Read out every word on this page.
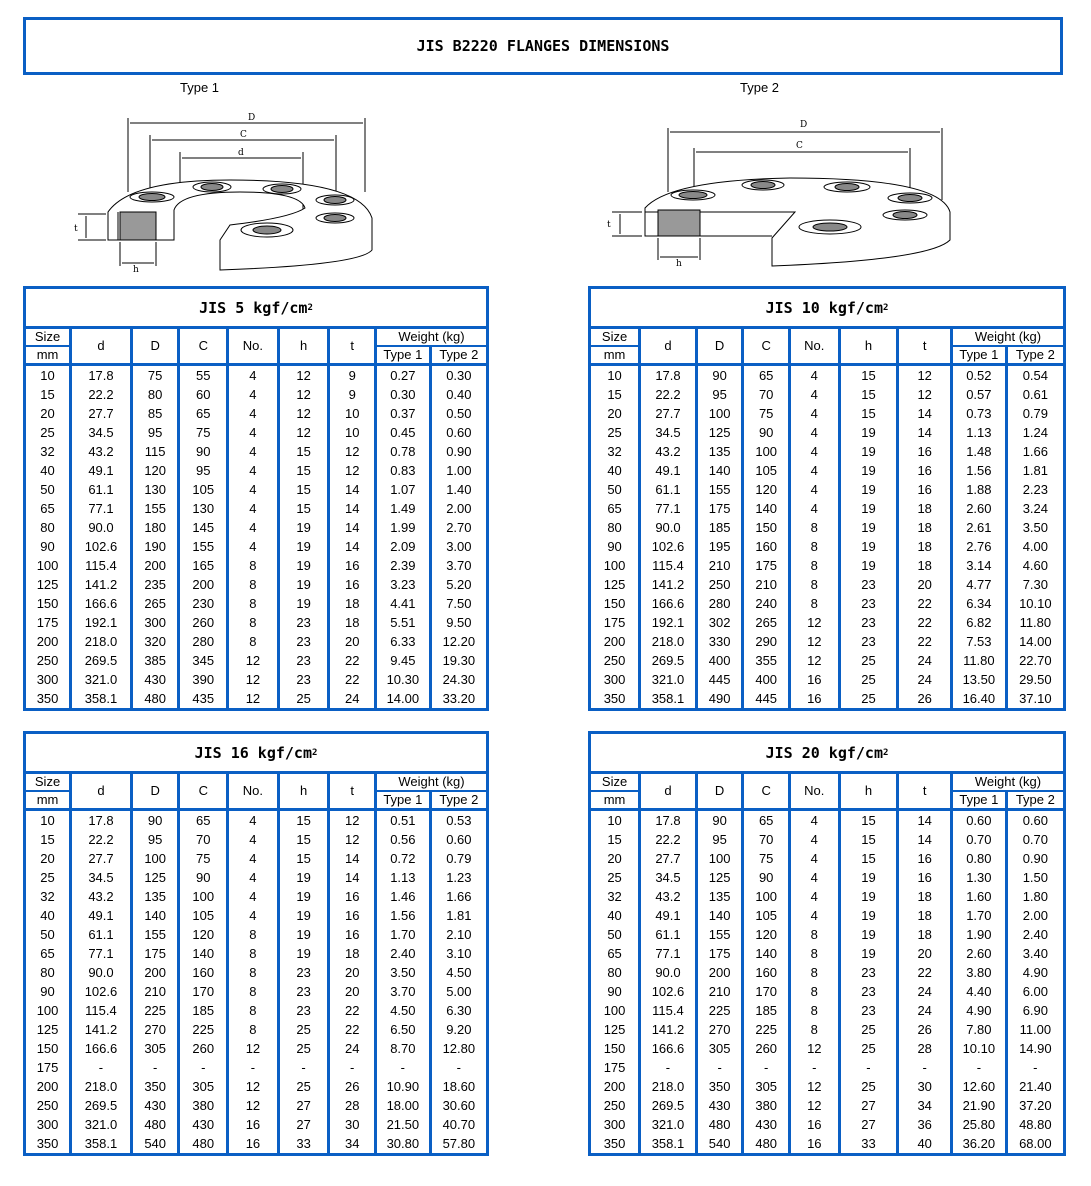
JIS B2220 FLANGES DIMENSIONS
Type 1	Type 2
D
C
d
t
h
D
C
t
h
JIS 5 kgf/cm 2
Size	d	D	C	No.	h	t	Weight (kg)	
mm							Type 1	Type 2
10	17.8	75	55	4	12	9	0.27	0.30
15	22.2	80	60	4	12	9	0.30	0.40
20	27.7	85	65	4	12	10	0.37	0.50
25	34.5	95	75	4	12	10	0.45	0.60
32	43.2	115	90	4	15	12	0.78	0.90
40	49.1	120	95	4	15	12	0.83	1.00
50	61.1	130	105	4	15	14	1.07	1.40
65	77.1	155	130	4	15	14	1.49	2.00
80	90.0	180	145	4	19	14	1.99	2.70
90	102.6	190	155	4	19	14	2.09	3.00
100	115.4	200	165	8	19	16	2.39	3.70
125	141.2	235	200	8	19	16	3.23	5.20
150	166.6	265	230	8	19	18	4.41	7.50
175	192.1	300	260	8	23	18	5.51	9.50
200	218.0	320	280	8	23	20	6.33	12.20
250	269.5	385	345	12	23	22	9.45	19.30
300	321.0	430	390	12	23	22	10.30	24.30
350	358.1	480	435	12	25	24	14.00	33.20
JIS 10 kgf/cm 2
Size	d	D	C	No.	h	t	Weight (kg)	
mm							Type 1	Type 2
10	17.8	90	65	4	15	12	0.52	0.54
15	22.2	95	70	4	15	12	0.57	0.61
20	27.7	100	75	4	15	14	0.73	0.79
25	34.5	125	90	4	19	14	1.13	1.24
32	43.2	135	100	4	19	16	1.48	1.66
40	49.1	140	105	4	19	16	1.56	1.81
50	61.1	155	120	4	19	16	1.88	2.23
65	77.1	175	140	4	19	18	2.60	3.24
80	90.0	185	150	8	19	18	2.61	3.50
90	102.6	195	160	8	19	18	2.76	4.00
100	115.4	210	175	8	19	18	3.14	4.60
125	141.2	250	210	8	23	20	4.77	7.30
150	166.6	280	240	8	23	22	6.34	10.10
175	192.1	302	265	12	23	22	6.82	11.80
200	218.0	330	290	12	23	22	7.53	14.00
250	269.5	400	355	12	25	24	11.80	22.70
300	321.0	445	400	16	25	24	13.50	29.50
350	358.1	490	445	16	25	26	16.40	37.10
JIS 16 kgf/cm 2
Size	d	D	C	No.	h	t	Weight (kg)	
mm							Type 1	Type 2
10	17.8	90	65	4	15	12	0.51	0.53
15	22.2	95	70	4	15	12	0.56	0.60
20	27.7	100	75	4	15	14	0.72	0.79
25	34.5	125	90	4	19	14	1.13	1.23
32	43.2	135	100	4	19	16	1.46	1.66
40	49.1	140	105	4	19	16	1.56	1.81
50	61.1	155	120	8	19	16	1.70	2.10
65	77.1	175	140	8	19	18	2.40	3.10
80	90.0	200	160	8	23	20	3.50	4.50
90	102.6	210	170	8	23	20	3.70	5.00
100	115.4	225	185	8	23	22	4.50	6.30
125	141.2	270	225	8	25	22	6.50	9.20
150	166.6	305	260	12	25	24	8.70	12.80
175	-	-	-	-	-	-	-	-
200	218.0	350	305	12	25	26	10.90	18.60
250	269.5	430	380	12	27	28	18.00	30.60
300	321.0	480	430	16	27	30	21.50	40.70
350	358.1	540	480	16	33	34	30.80	57.80
JIS 20 kgf/cm 2
Size	d	D	C	No.	h	t	Weight (kg)	
mm							Type 1	Type 2
10	17.8	90	65	4	15	14	0.60	0.60
15	22.2	95	70	4	15	14	0.70	0.70
20	27.7	100	75	4	15	16	0.80	0.90
25	34.5	125	90	4	19	16	1.30	1.50
32	43.2	135	100	4	19	18	1.60	1.80
40	49.1	140	105	4	19	18	1.70	2.00
50	61.1	155	120	8	19	18	1.90	2.40
65	77.1	175	140	8	19	20	2.60	3.40
80	90.0	200	160	8	23	22	3.80	4.90
90	102.6	210	170	8	23	24	4.40	6.00
100	115.4	225	185	8	23	24	4.90	6.90
125	141.2	270	225	8	25	26	7.80	11.00
150	166.6	305	260	12	25	28	10.10	14.90
175	-	-	-	-	-	-	-	-
200	218.0	350	305	12	25	30	12.60	21.40
250	269.5	430	380	12	27	34	21.90	37.20
300	321.0	480	430	16	27	36	25.80	48.80
350	358.1	540	480	16	33	40	36.20	68.00
